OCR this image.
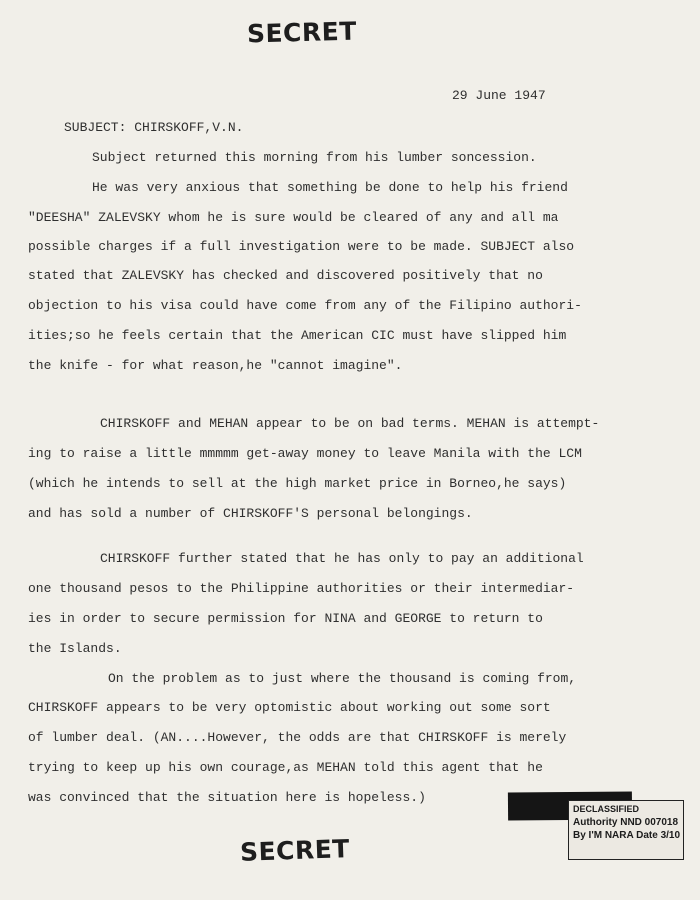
SECRET
29 June 1947
SUBJECT: CHIRSKOFF,V.N.
Subject returned this morning from his lumber soncession.
He was very anxious that something be done to help his friend
"DEESHA" ZALEVSKY whom he is sure would be cleared of any and all ma
possible charges if a full investigation were to be made. SUBJECT also
stated that ZALEVSKY has checked and discovered positively that no
objection to his visa could have come from any of the Filipino authori-
ities;so he feels certain that the American CIC must have slipped him
the knife - for what reason,he "cannot imagine".
CHIRSKOFF and MEHAN appear to be on bad terms. MEHAN is attempt-
ing to raise a little mmmmm get-away money to leave Manila with the LCM
(which he intends to sell at the high market price in Borneo,he says)
and has sold a number of CHIRSKOFF'S personal belongings.
CHIRSKOFF further stated that he has only to pay an additional
one thousand pesos to the Philippine authorities or their intermediar-
ies in order to secure permission for NINA and GEORGE to return to
the Islands.
On the problem as to just where the thousand is coming from,
CHIRSKOFF appears to be very optomistic about working out some sort
of lumber deal. (AN....However, the odds are that CHIRSKOFF is merely
trying to keep up his own courage,as MEHAN told this agent that he
was convinced that the situation here is hopeless.)
DECLASSIFIED
Authority NND 007018
By I'M NARA Date 3/10
SECRET
